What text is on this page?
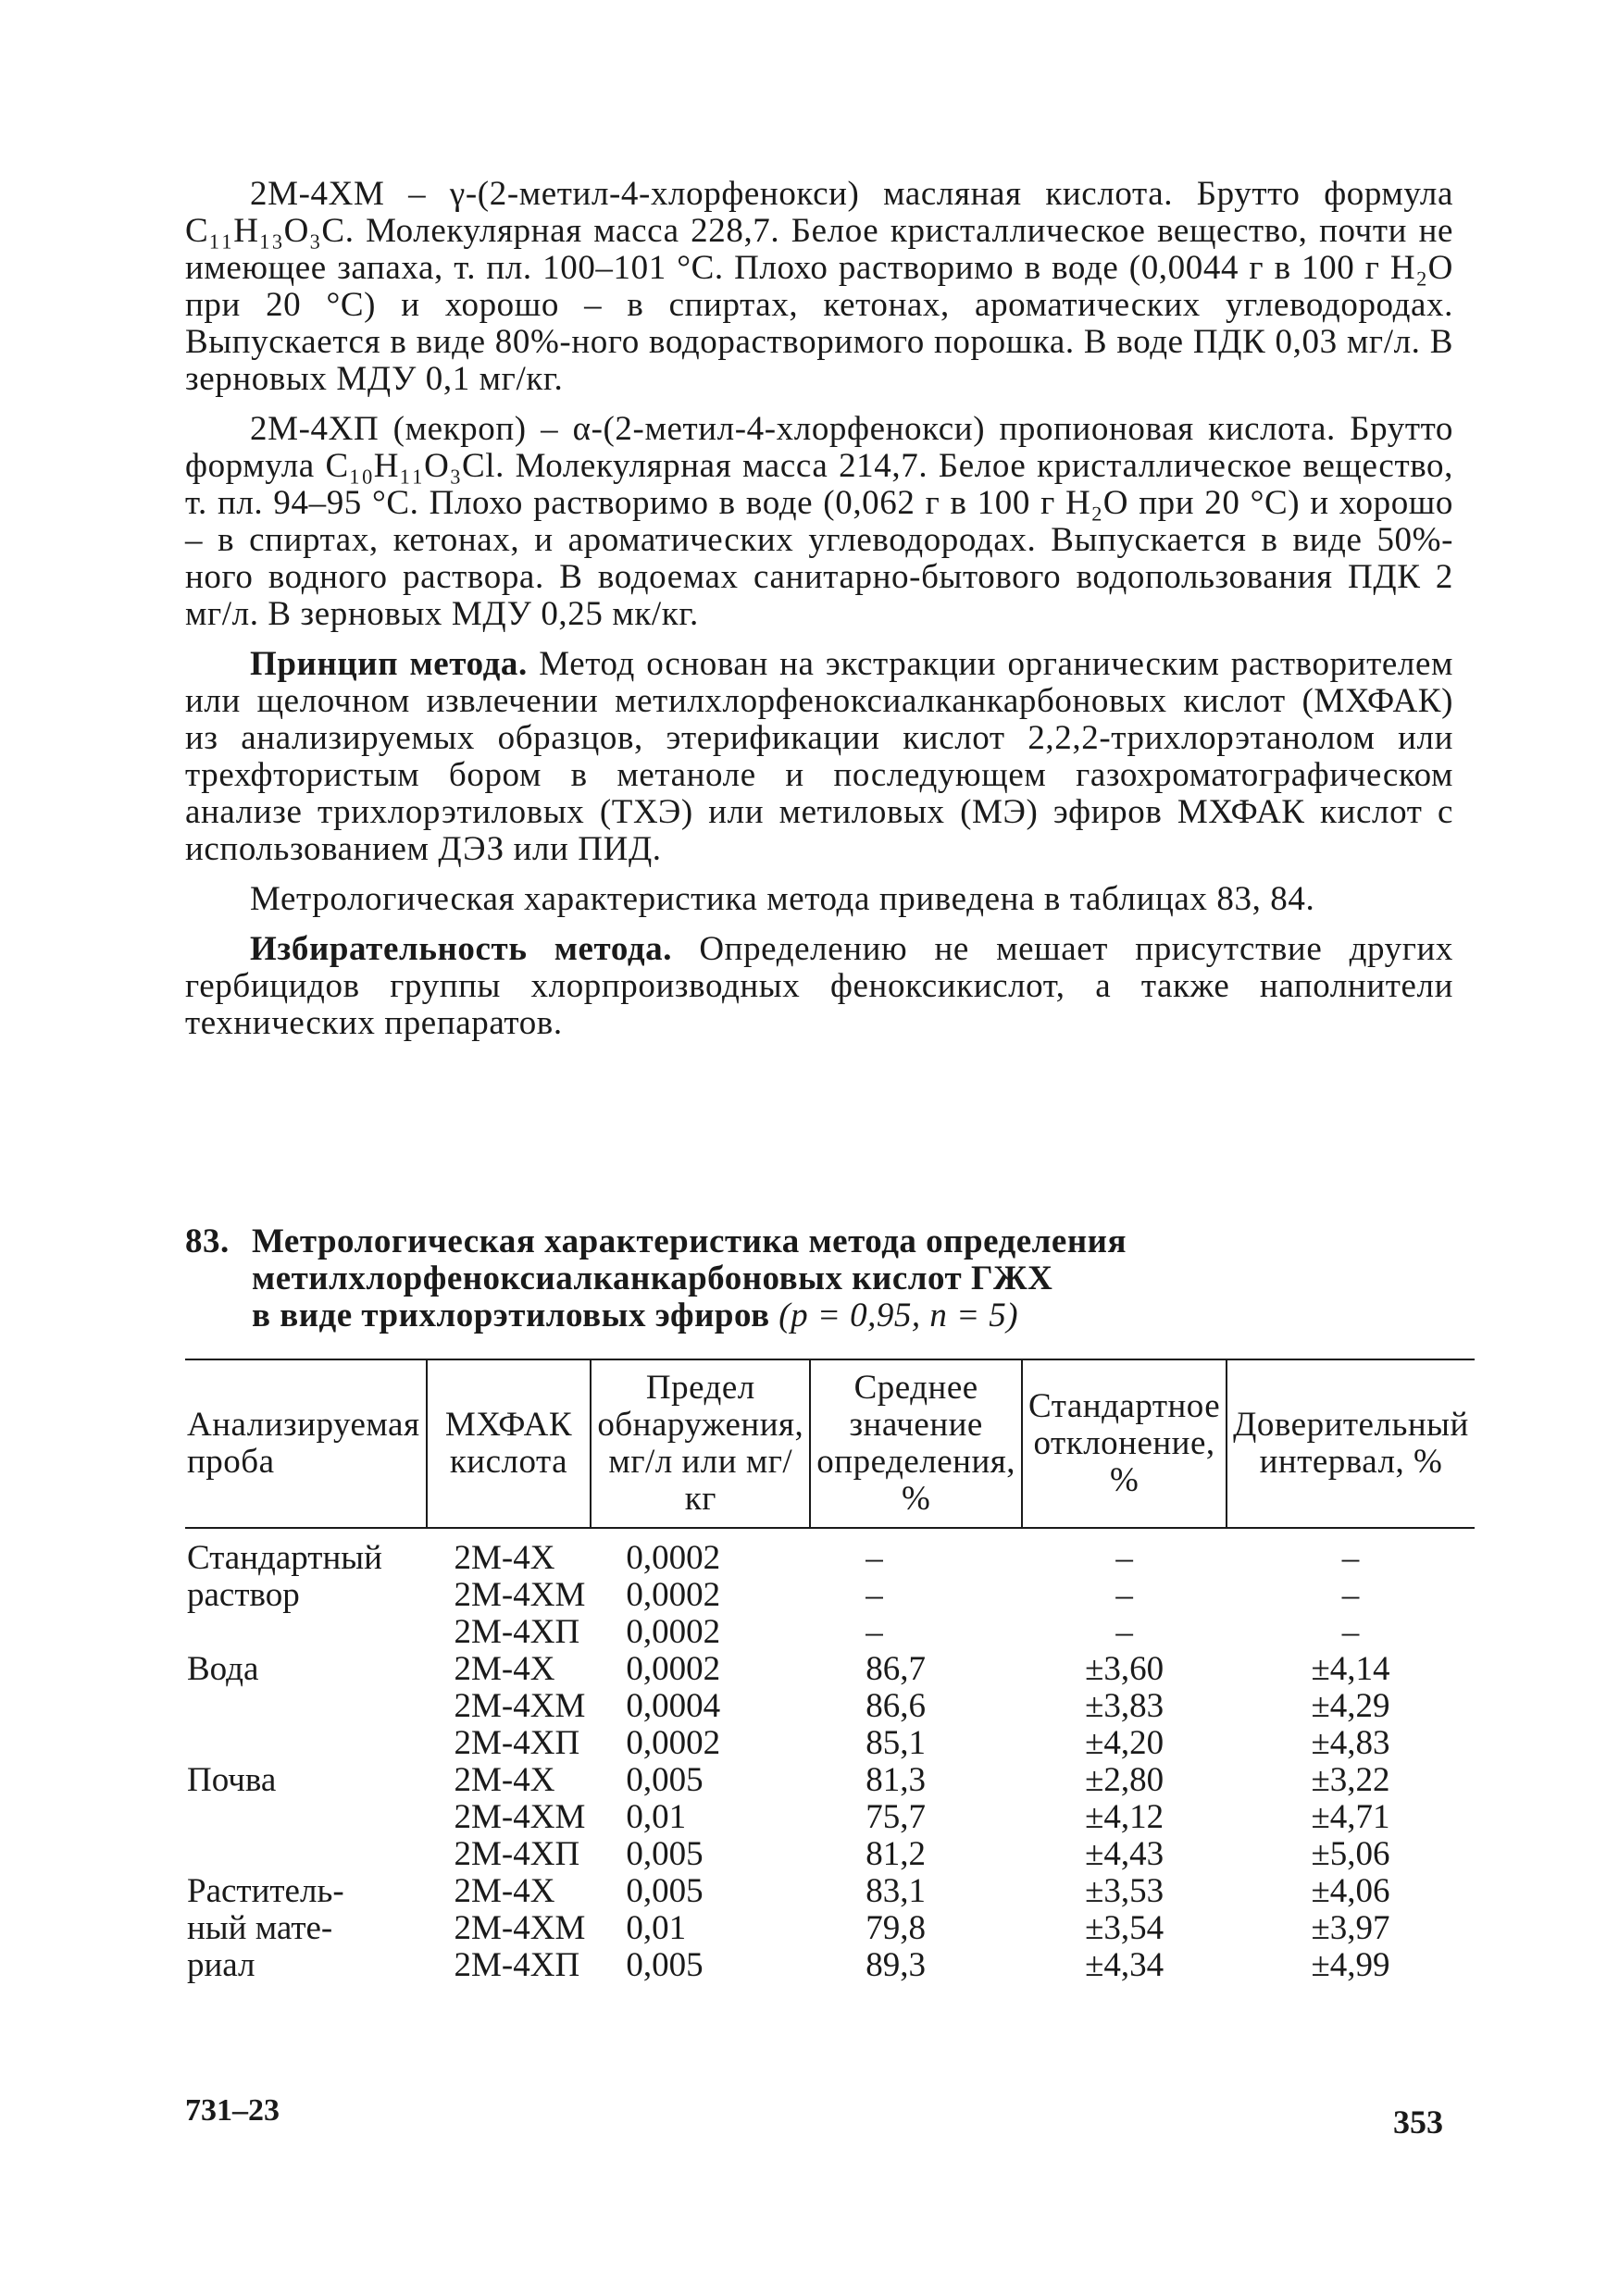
2М-4ХМ – γ-(2-метил-4-хлорфенокси) масляная кислота. Брутто формула C₁₁H₁₃O₃C. Молекулярная масса 228,7. Белое кристаллическое вещество, почти не имеющее запаха, т. пл. 100–101 °С. Плохо растворимо в воде (0,0044 г в 100 г H₂O при 20 °С) и хорошо – в спиртах, кетонах, ароматических углеводородах. Выпускается в виде 80%-ного водорастворимого порошка. В воде ПДК 0,03 мг/л. В зерновых МДУ 0,1 мг/кг.

2М-4ХП (мекроп) – α-(2-метил-4-хлорфенокси) пропионовая кислота. Брутто формула C₁₀H₁₁O₃Cl. Молекулярная масса 214,7. Белое кристаллическое вещество, т. пл. 94–95 °С. Плохо растворимо в воде (0,062 г в 100 г H₂O при 20 °С) и хорошо – в спиртах, кетонах, и ароматических углеводородах. Выпускается в виде 50%-ного водного раствора. В водоемах санитарно-бытового водопользования ПДК 2 мг/л. В зерновых МДУ 0,25 мк/кг.

Принцип метода. Метод основан на экстракции органическим растворителем или щелочном извлечении метилхлорфеноксиалканкарбоновых кислот (МХФАК) из анализируемых образцов, этерификации кислот 2,2,2-трихлорэтанолом или трехфтористым бором в метаноле и последующем газохроматографическом анализе трихлорэтиловых (ТХЭ) или метиловых (МЭ) эфиров МХФАК кислот с использованием ДЭЗ или ПИД.

Метрологическая характеристика метода приведена в таблицах 83, 84.

Избирательность метода. Определению не мешает присутствие других гербицидов группы хлорпроизводных феноксикислот, а также наполнители технических препаратов.

83. Метрологическая характеристика метода определения
метилхлорфеноксиалканкарбоновых кислот ГЖХ
в виде трихлорэтиловых эфиров (p = 0,95, n = 5)
Анализируемая проба	МХФАК кислота	Предел обнаружения, мг/л или мг/кг	Среднее значение определения, %	Стандартное отклонение, %	Доверительный интервал, %
Стандартный	2М-4Х	0,0002	–	–	–
раствор	2М-4ХМ	0,0002	–	–	–
	2М-4ХП	0,0002	–	–	–
Вода	2М-4Х	0,0002	86,7	±3,60	±4,14
	2М-4ХМ	0,0004	86,6	±3,83	±4,29
	2М-4ХП	0,0002	85,1	±4,20	±4,83
Почва	2М-4Х	0,005	81,3	±2,80	±3,22
	2М-4ХМ	0,01	75,7	±4,12	±4,71
	2М-4ХП	0,005	81,2	±4,43	±5,06
Раститель-	2М-4Х	0,005	83,1	±3,53	±4,06
ный мате-	2М-4ХМ	0,01	79,8	±3,54	±3,97
риал	2М-4ХП	0,005	89,3	±4,34	±4,99
731–23	353
